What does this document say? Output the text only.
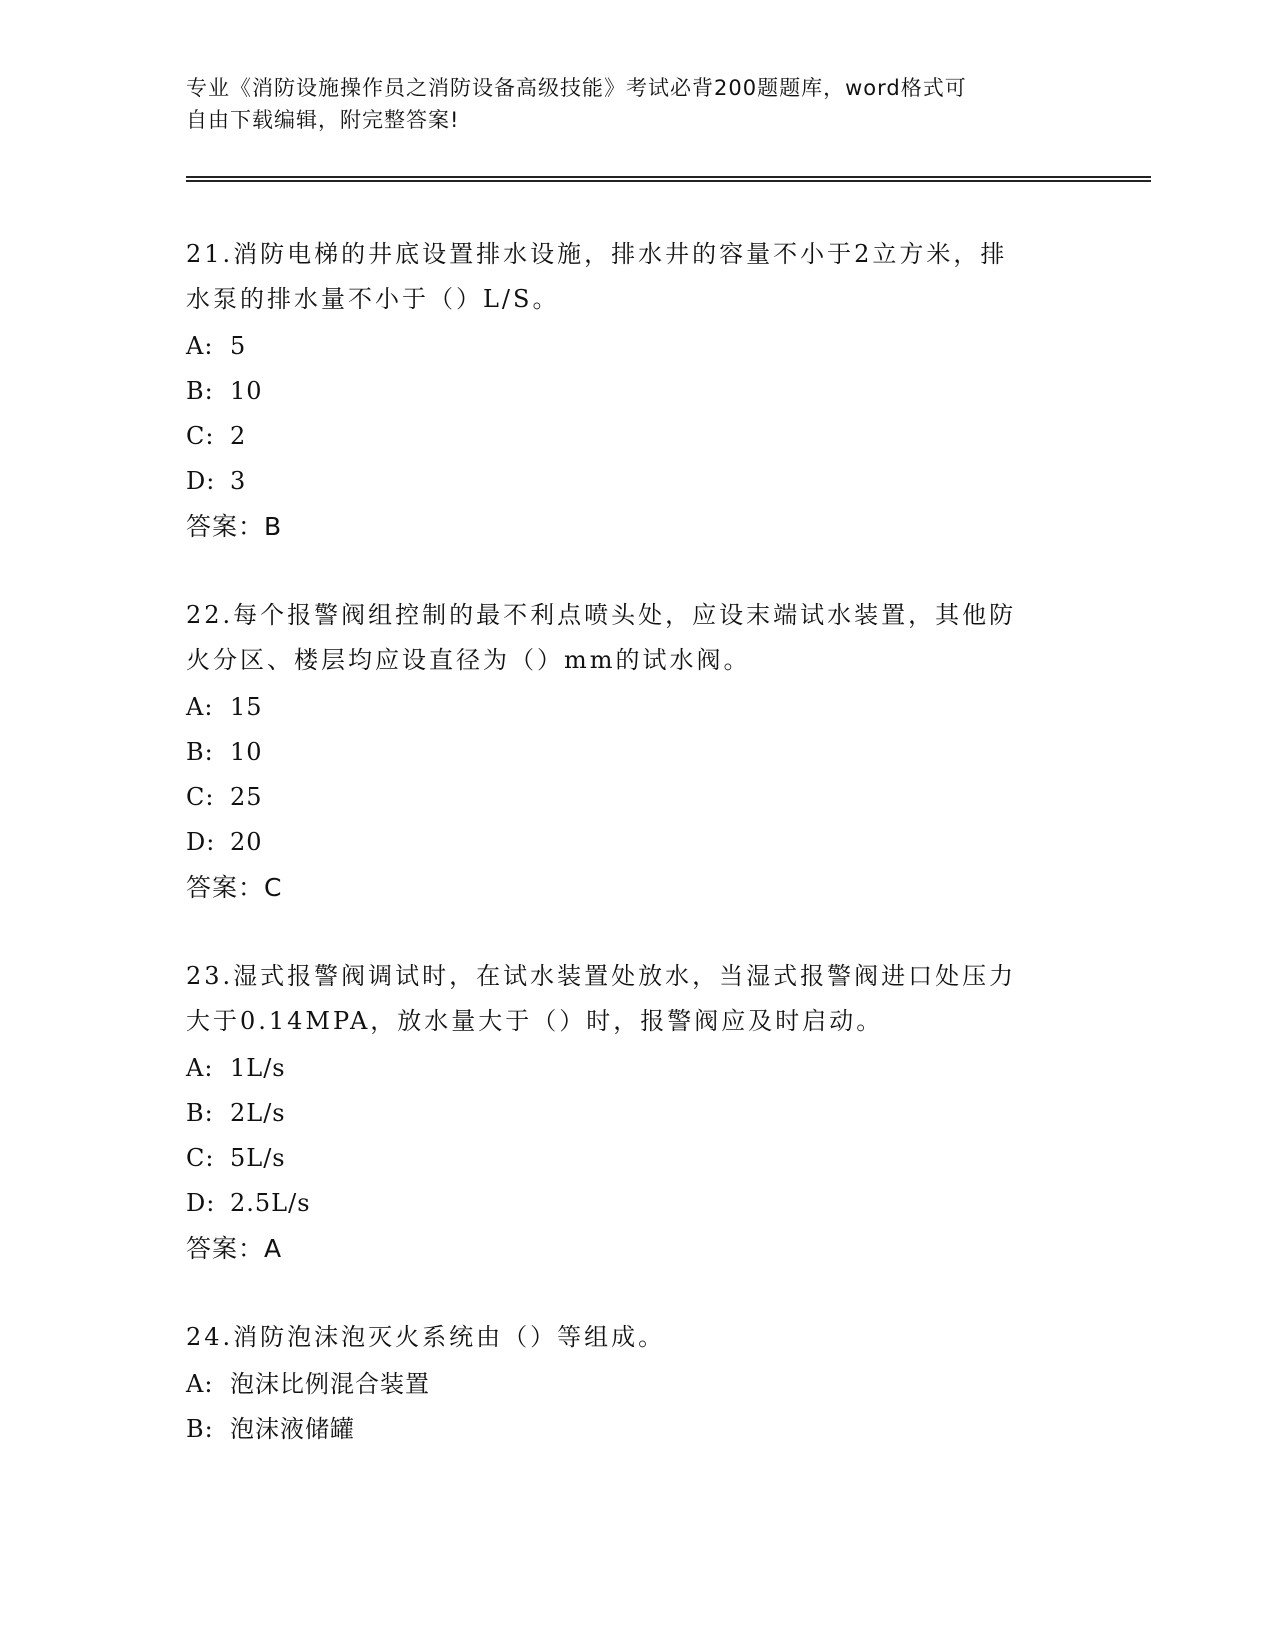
专业《消防设施操作员之消防设备高级技能》考试必背200题题库，word格式可
自由下载编辑，附完整答案!
21.消防电梯的井底设置排水设施，排水井的容量不小于2立方米，排
水泵的排水量不小于（）L/S。
A: 5
B: 10
C: 2
D: 3
答案：B
22.每个报警阀组控制的最不利点喷头处，应设末端试水装置，其他防
火分区、楼层均应设直径为（）mm的试水阀。
A: 15
B: 10
C: 25
D: 20
答案：C
23.湿式报警阀调试时，在试水装置处放水，当湿式报警阀进口处压力
大于0.14MPA，放水量大于（）时，报警阀应及时启动。
A: 1L/s
B: 2L/s
C: 5L/s
D: 2.5L/s
答案：A
24.消防泡沫泡灭火系统由（）等组成。
A: 泡沫比例混合装置
B: 泡沫液储罐
